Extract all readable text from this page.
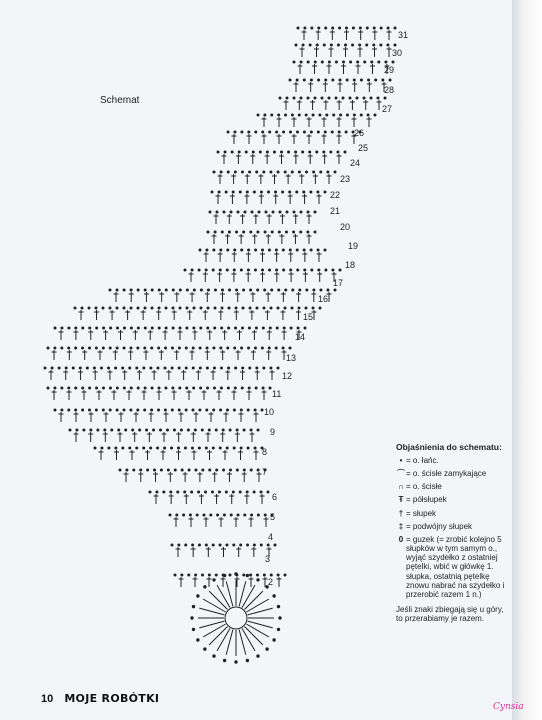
Schemat
2
3
4
5
6
7
8
9
10
11
12
13
14
15
16
17
18
19
20
21
22
23
24
25
26
27
28
29
30
31
Objaśnienia do schematu:
• = o. łańc.
⌒ = o. ścisłe zamykające
∩ = o. ścisłe
Ŧ = półsłupek
† = słupek
‡ = podwójny słupek
0 = guzek (= zrobić kolejno 5 słupków w tym samym o., wyjąć szydełko z ostatniej pętelki, wbić w główkę 1. słupka, ostatnią pętelkę znowu nabrać na szydełko i przerobić razem 1 n.)
Jeśli znaki zbiegają się u góry, to przerabiamy je razem.
10 MOJE ROBÓTKI
Cynsia
